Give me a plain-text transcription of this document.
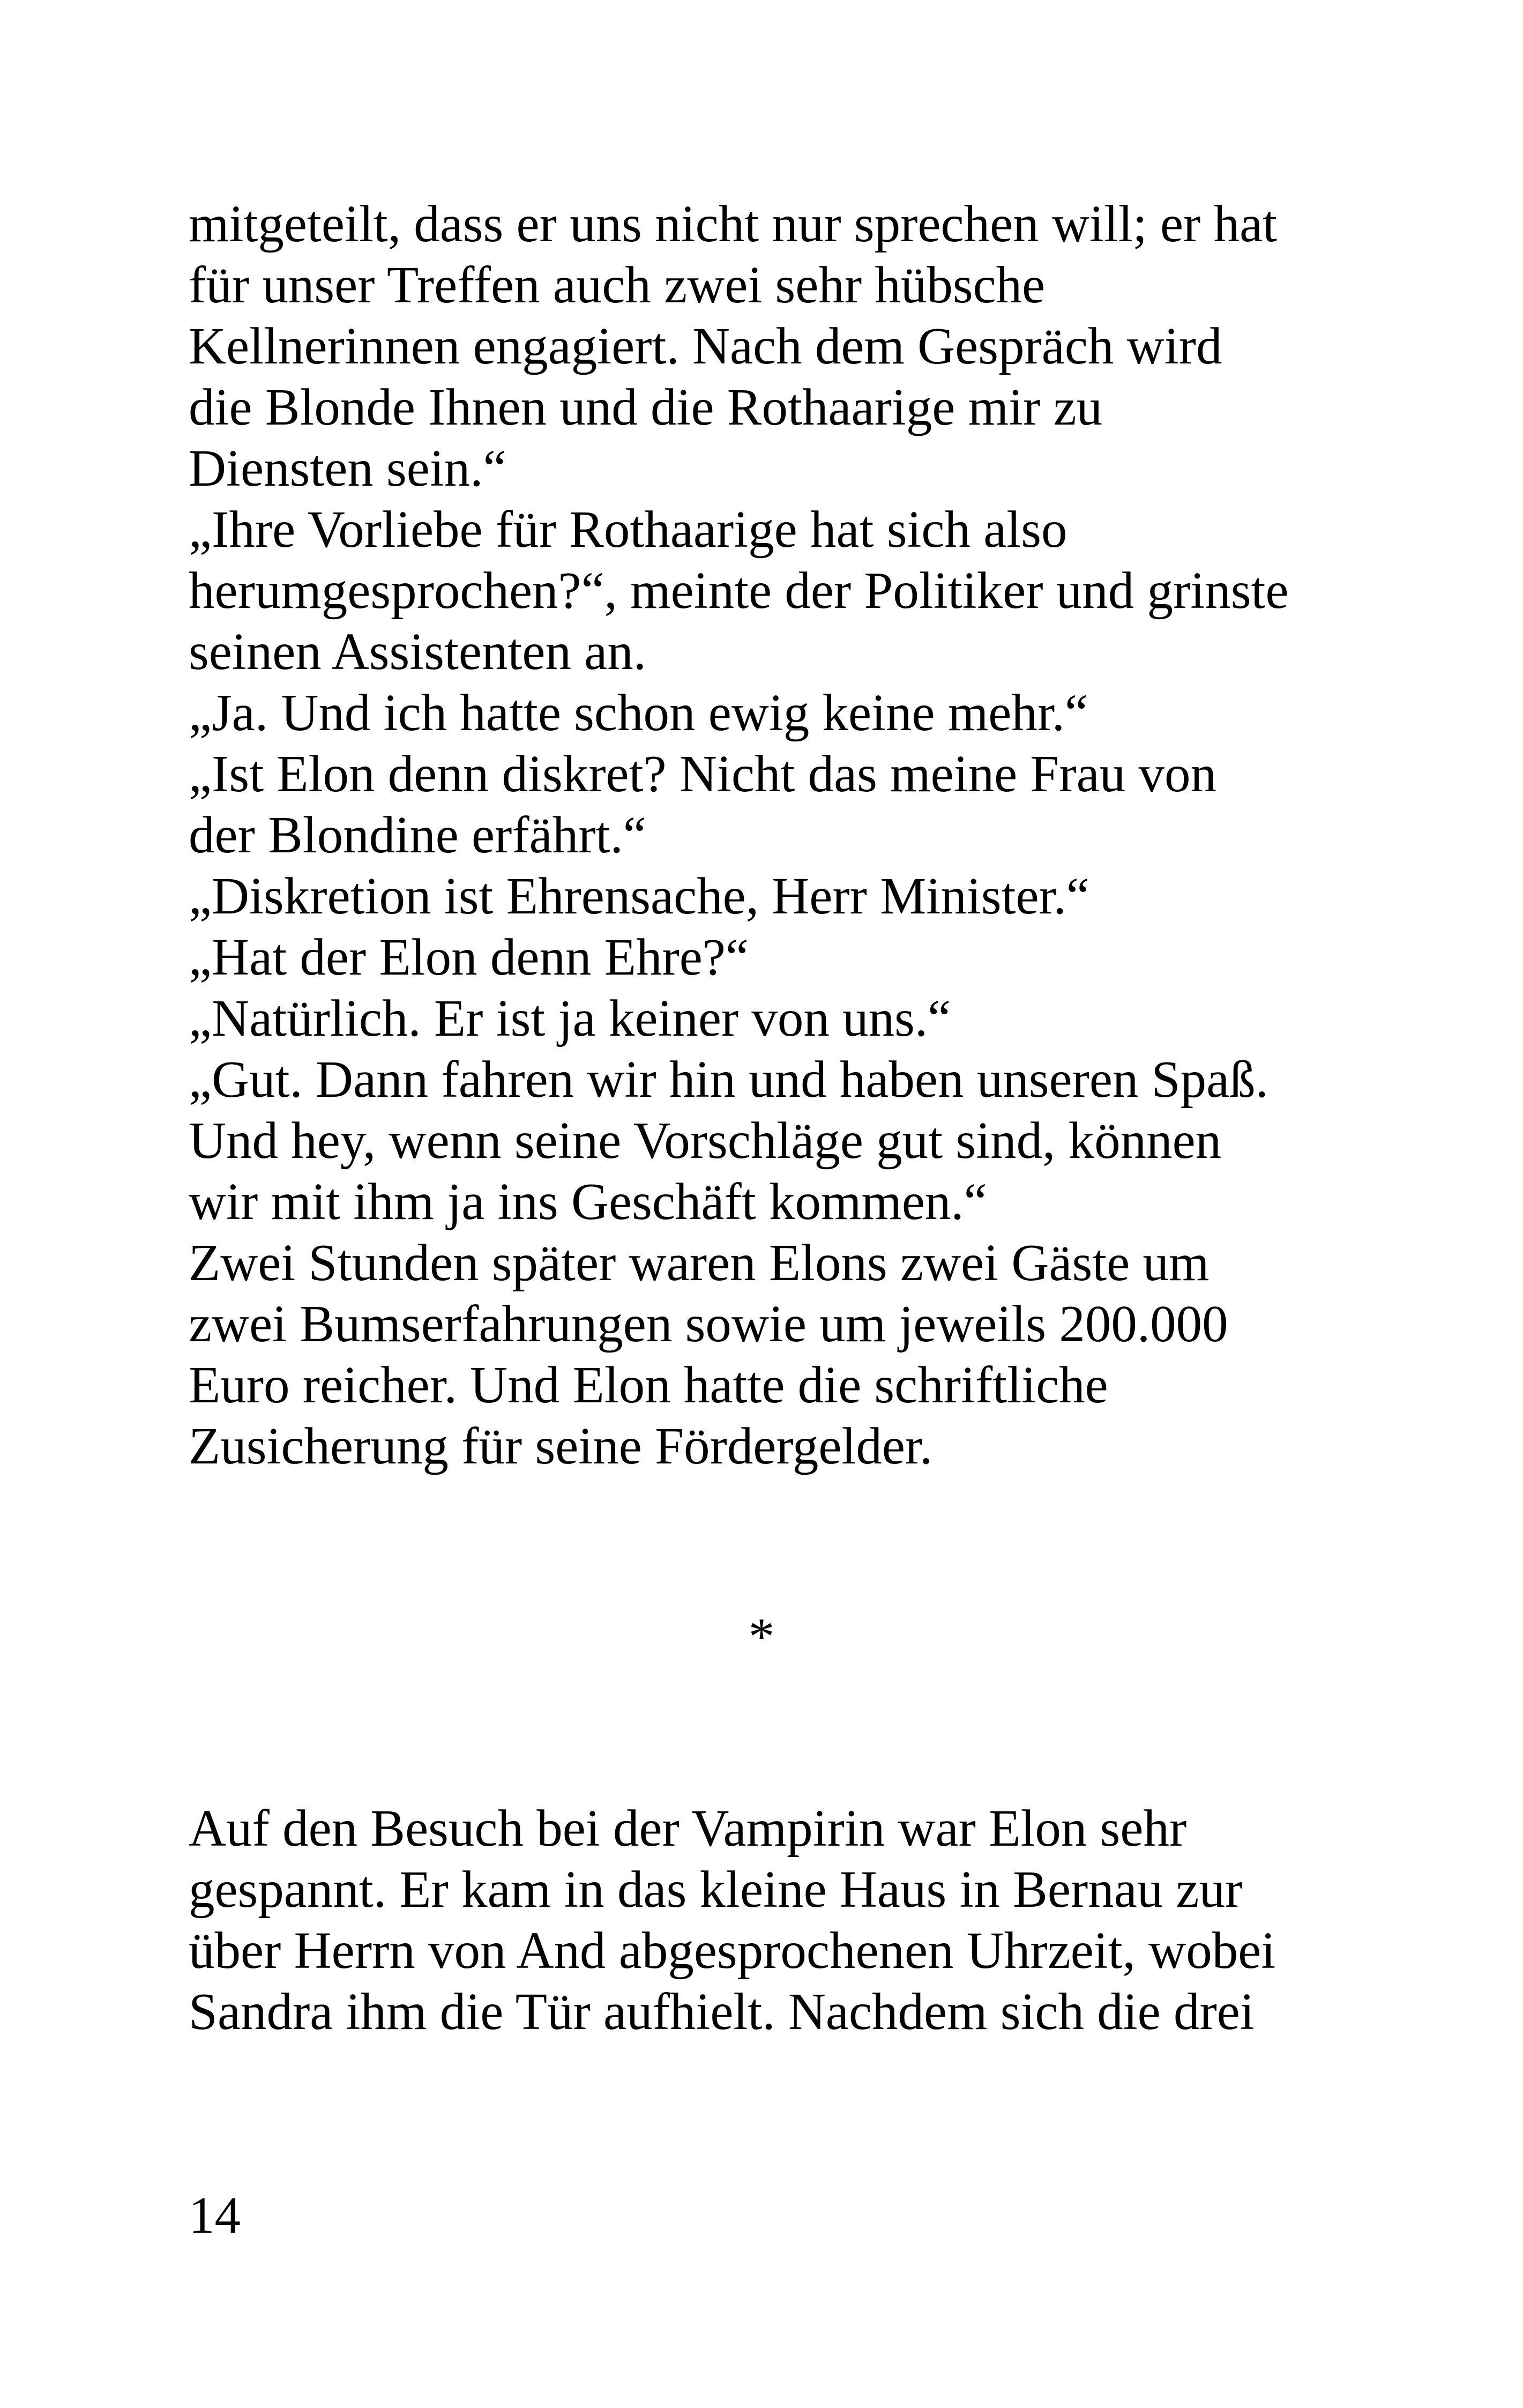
mitgeteilt, dass er uns nicht nur sprechen will; er hat
für unser Treffen auch zwei sehr hübsche
Kellnerinnen engagiert. Nach dem Gespräch wird
die Blonde Ihnen und die Rothaarige mir zu
Diensten sein.“
„Ihre Vorliebe für Rothaarige hat sich also
herumgesprochen?“, meinte der Politiker und grinste
seinen Assistenten an.
„Ja. Und ich hatte schon ewig keine mehr.“
„Ist Elon denn diskret? Nicht das meine Frau von
der Blondine erfährt.“
„Diskretion ist Ehrensache, Herr Minister.“
„Hat der Elon denn Ehre?“
„Natürlich. Er ist ja keiner von uns.“
„Gut. Dann fahren wir hin und haben unseren Spaß.
Und hey, wenn seine Vorschläge gut sind, können
wir mit ihm ja ins Geschäft kommen.“
Zwei Stunden später waren Elons zwei Gäste um
zwei Bumserfahrungen sowie um jeweils 200.000
Euro reicher. Und Elon hatte die schriftliche
Zusicherung für seine Fördergelder.
*
Auf den Besuch bei der Vampirin war Elon sehr
gespannt. Er kam in das kleine Haus in Bernau zur
über Herrn von And abgesprochenen Uhrzeit, wobei
Sandra ihm die Tür aufhielt. Nachdem sich die drei
14
